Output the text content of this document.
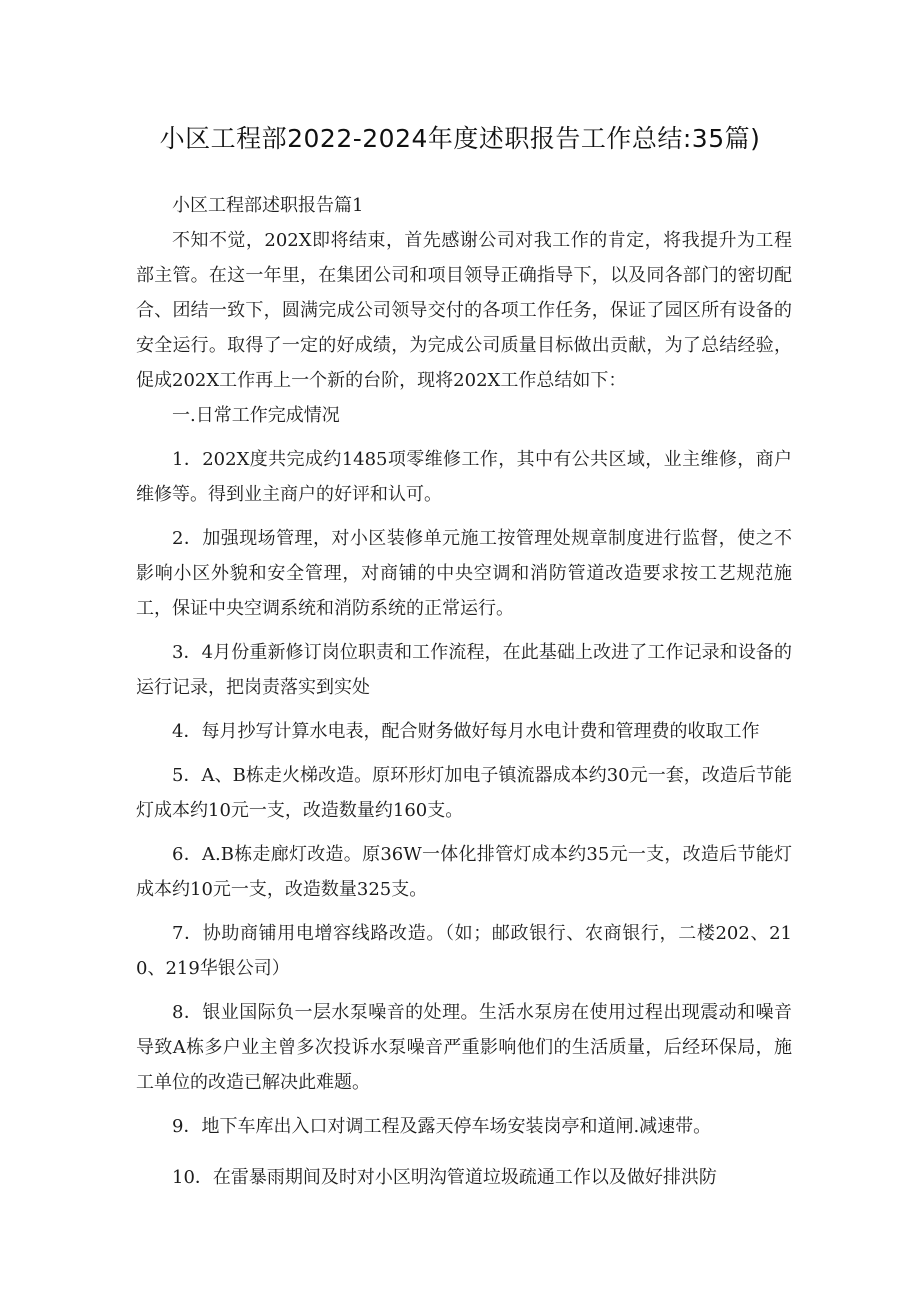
小区工程部2022-2024年度述职报告工作总结:35篇)

小区工程部述职报告篇1

不知不觉，202X即将结束，首先感谢公司对我工作的肯定，将我提升为工程部主管。在这一年里，在集团公司和项目领导正确指导下，以及同各部门的密切配合、团结一致下，圆满完成公司领导交付的各项工作任务，保证了园区所有设备的安全运行。取得了一定的好成绩，为完成公司质量目标做出贡献，为了总结经验，促成202X工作再上一个新的台阶，现将202X工作总结如下：

一.日常工作完成情况

1．202X度共完成约1485项零维修工作，其中有公共区域，业主维修，商户维修等。得到业主商户的好评和认可。

2．加强现场管理，对小区装修单元施工按管理处规章制度进行监督，使之不影响小区外貌和安全管理，对商铺的中央空调和消防管道改造要求按工艺规范施工，保证中央空调系统和消防系统的正常运行。

3．4月份重新修订岗位职责和工作流程，在此基础上改进了工作记录和设备的运行记录，把岗责落实到实处

4．每月抄写计算水电表，配合财务做好每月水电计费和管理费的收取工作

5．A、B栋走火梯改造。原环形灯加电子镇流器成本约30元一套，改造后节能灯成本约10元一支，改造数量约160支。

6．A.B栋走廊灯改造。原36W一体化排管灯成本约35元一支，改造后节能灯成本约10元一支，改造数量325支。

7．协助商铺用电增容线路改造。（如；邮政银行、农商银行，二楼202、210、219华银公司）

8．银业国际负一层水泵噪音的处理。生活水泵房在使用过程出现震动和噪音导致A栋多户业主曾多次投诉水泵噪音严重影响他们的生活质量，后经环保局，施工单位的改造已解决此难题。

9．地下车库出入口对调工程及露天停车场安装岗亭和道闸.减速带。

10．在雷暴雨期间及时对小区明沟管道垃圾疏通工作以及做好排洪防
